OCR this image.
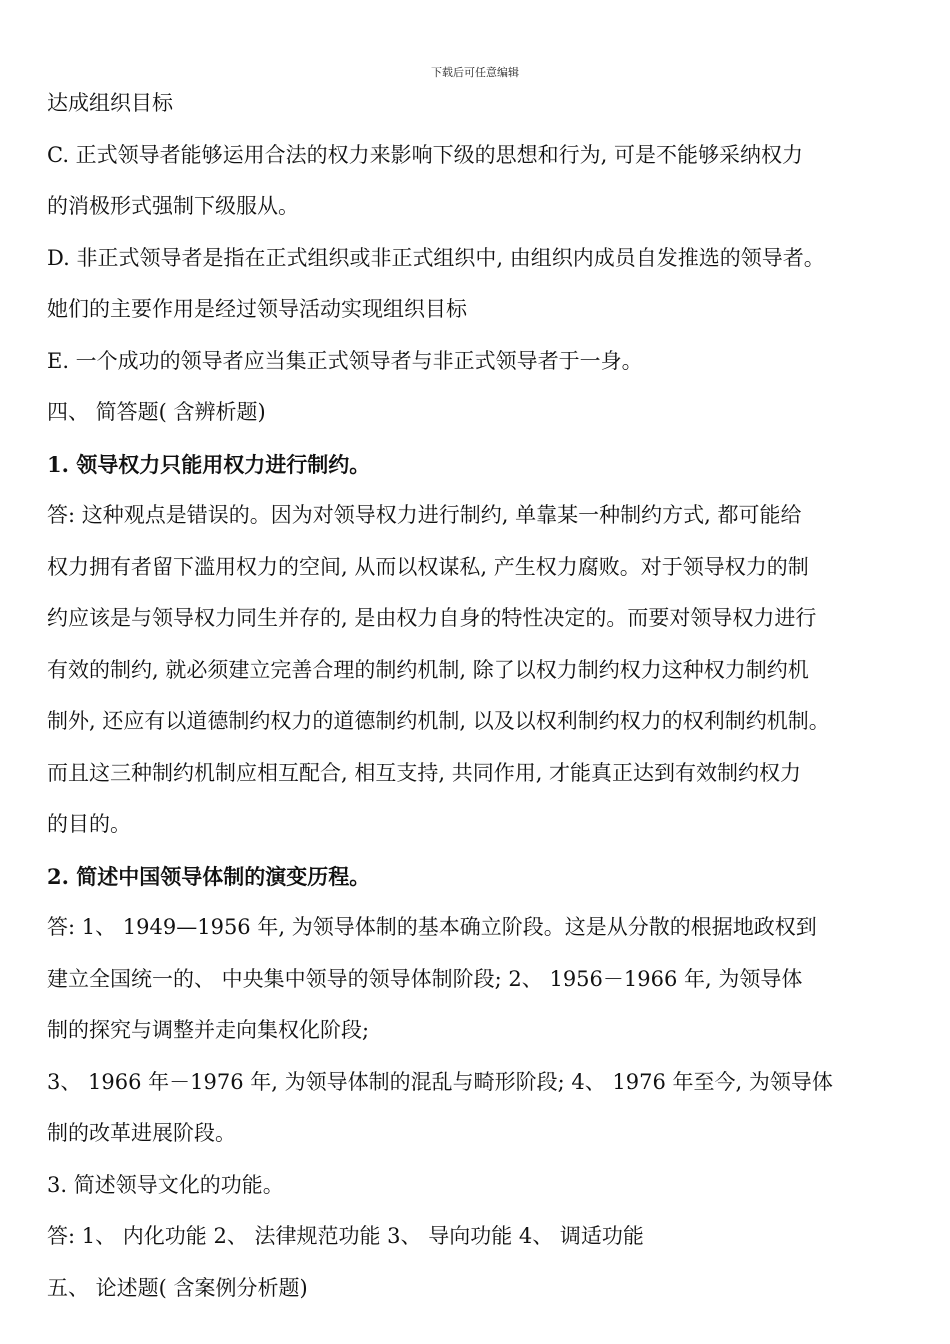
下载后可任意编辑
达成组织目标
C. 正式领导者能够运用合法的权力来影响下级的思想和行为, 可是不能够采纳权力
的消极形式强制下级服从。
D. 非正式领导者是指在正式组织或非正式组织中, 由组织内成员自发推选的领导者。
她们的主要作用是经过领导活动实现组织目标
E. 一个成功的领导者应当集正式领导者与非正式领导者于一身。
四、 简答题( 含辨析题)
1. 领导权力只能用权力进行制约。
答: 这种观点是错误的。因为对领导权力进行制约, 单靠某一种制约方式, 都可能给
权力拥有者留下滥用权力的空间, 从而以权谋私, 产生权力腐败。对于领导权力的制
约应该是与领导权力同生并存的, 是由权力自身的特性决定的。而要对领导权力进行
有效的制约, 就必须建立完善合理的制约机制, 除了以权力制约权力这种权力制约机
制外, 还应有以道德制约权力的道德制约机制, 以及以权利制约权力的权利制约机制。
而且这三种制约机制应相互配合, 相互支持, 共同作用, 才能真正达到有效制约权力
的目的。
2. 简述中国领导体制的演变历程。
答: 1、 1949—1956 年, 为领导体制的基本确立阶段。这是从分散的根据地政权到
建立全国统一的、 中央集中领导的领导体制阶段; 2、 1956－1966 年, 为领导体
制的探究与调整并走向集权化阶段;
3、 1966 年－1976 年, 为领导体制的混乱与畸形阶段; 4、 1976 年至今, 为领导体
制的改革进展阶段。
3. 简述领导文化的功能。
答: 1、 内化功能 2、 法律规范功能 3、 导向功能 4、 调适功能
五、 论述题( 含案例分析题)
